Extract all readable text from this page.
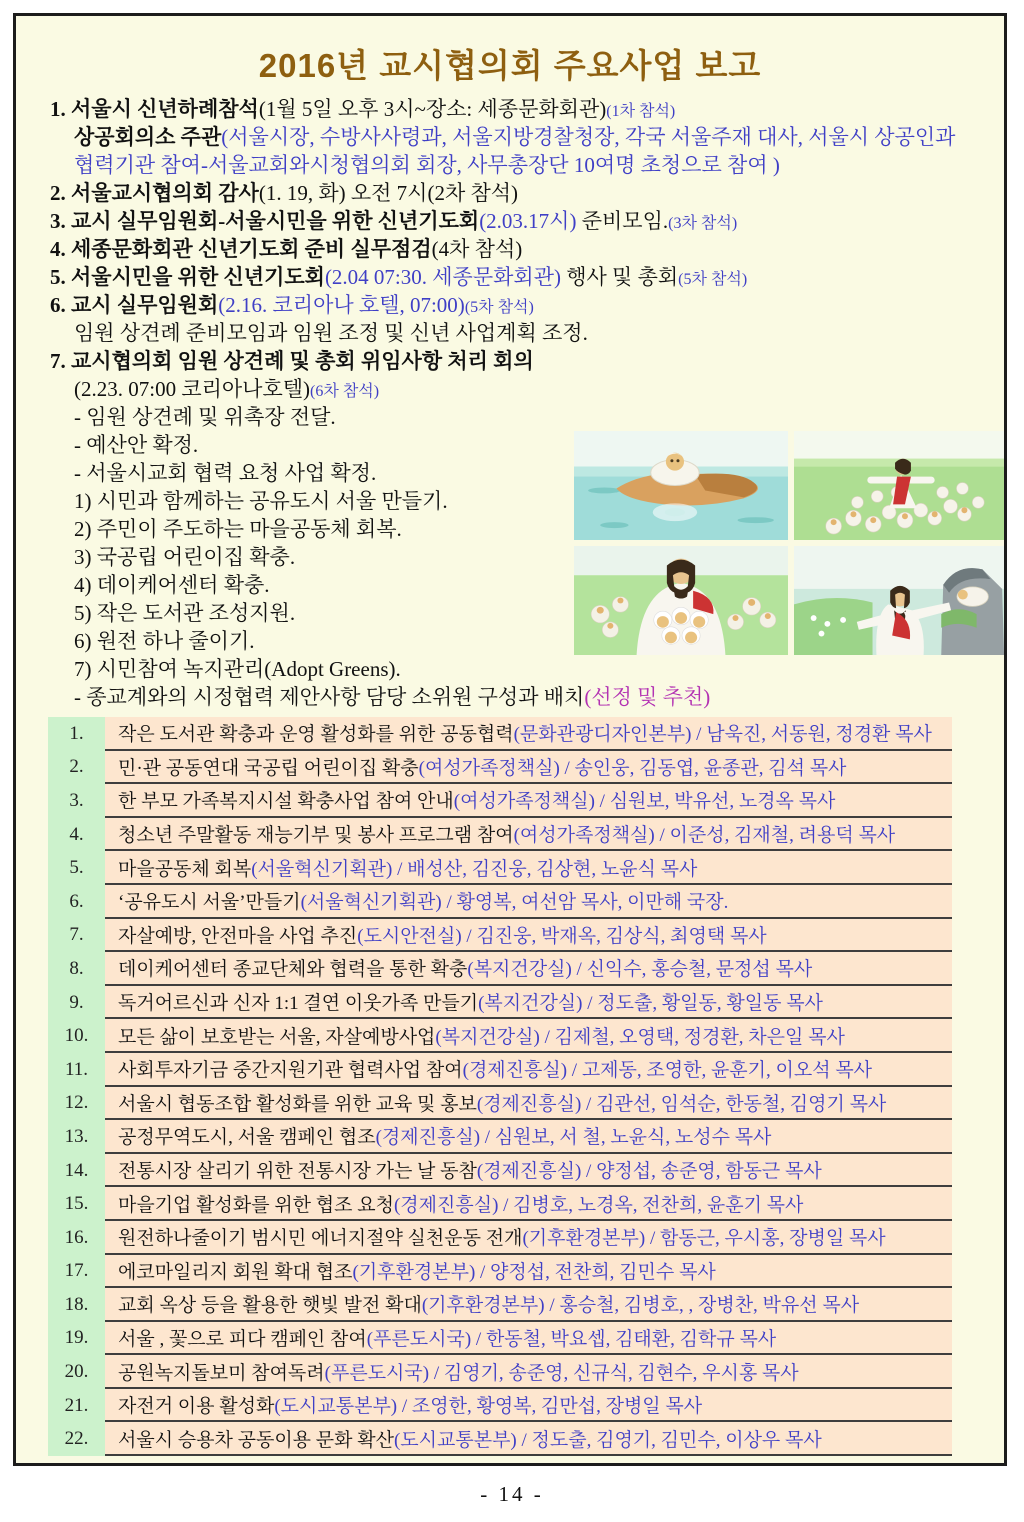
2016년 교시협의회 주요사업 보고
1. 서울시 신년하례참석(1월 5일 오후 3시~장소: 세종문화회관)(1차 참석)
상공회의소 주관(서울시장, 수방사사령과, 서울지방경찰청장, 각국 서울주재 대사, 서울시 상공인과
협력기관 참여-서울교회와시청협의회 회장, 사무총장단 10여명 초청으로 참여 )
2. 서울교시협의회 감사(1. 19, 화) 오전 7시(2차 참석)
3. 교시 실무임원회-서울시민을 위한 신년기도회(2.03.17시) 준비모임.(3차 참석)
4. 세종문화회관 신년기도회 준비 실무점검(4차 참석)
5. 서울시민을 위한 신년기도회(2.04 07:30. 세종문화회관) 행사 및 총회(5차 참석)
6. 교시 실무임원회(2.16. 코리아나 호텔, 07:00)(5차 참석)
임원 상견례 준비모임과 임원 조정 및 신년 사업계획 조정.
7. 교시협의회 임원 상견례 및 총회 위임사항 처리 회의
(2.23. 07:00 코리아나호텔)(6차 참석)
- 임원 상견례 및 위촉장 전달.
- 예산안 확정.
- 서울시교회 협력 요청 사업 확정.
1) 시민과 함께하는 공유도시 서울 만들기.
2) 주민이 주도하는 마을공동체 회복.
3) 국공립 어린이집 확충.
4) 데이케어센터 확충.
5) 작은 도서관 조성지원.
6) 원전 하나 줄이기.
7) 시민참여 녹지관리(Adopt Greens).
- 종교계와의 시정협력 제안사항 담당 소위원 구성과 배치(선정 및 추천)
1.	작은 도서관 확충과 운영 활성화를 위한 공동협력 (문화관광디자인본부) / 남욱진, 서동원, 정경환 목사
2.	민·관 공동연대 국공립 어린이집 확충 (여성가족정책실) / 송인웅, 김동엽, 윤종관, 김석 목사
3.	한 부모 가족복지시설 확충사업 참여 안내 (여성가족정책실) / 심원보, 박유선, 노경옥 목사
4.	청소년 주말활동 재능기부 및 봉사 프로그램 참여 (여성가족정책실) / 이준성, 김재철, 려용덕 목사
5.	마을공동체 회복 (서울혁신기획관) / 배성산, 김진웅, 김상현, 노윤식 목사
6.	‘공유도시 서울’만들기 (서울혁신기획관) / 황영복, 여선암 목사, 이만해 국장.
7.	자살예방, 안전마을 사업 추진 (도시안전실) / 김진웅, 박재옥, 김상식, 최영택 목사
8.	데이케어센터 종교단체와 협력을 통한 확충 (복지건강실) / 신익수, 홍승철, 문정섭 목사
9.	독거어르신과 신자 1:1 결연 이웃가족 만들기 (복지건강실) / 정도출, 황일동, 황일동 목사
10.	모든 삶이 보호받는 서울, 자살예방사업 (복지건강실) / 김제철, 오영택, 정경환, 차은일 목사
11.	사회투자기금 중간지원기관 협력사업 참여 (경제진흥실) / 고제동, 조영한, 윤훈기, 이오석 목사
12.	서울시 협동조합 활성화를 위한 교육 및 홍보 (경제진흥실) / 김관선, 임석순, 한동철, 김영기 목사
13.	공정무역도시, 서울 캠페인 협조 (경제진흥실) / 심원보, 서 철, 노윤식, 노성수 목사
14.	전통시장 살리기 위한 전통시장 가는 날 동참 (경제진흥실) / 양정섭, 송준영, 함동근 목사
15.	마을기업 활성화를 위한 협조 요청 (경제진흥실) / 김병호, 노경옥, 전찬희, 윤훈기 목사
16.	원전하나줄이기 범시민 에너지절약 실천운동 전개 (기후환경본부) / 함동근, 우시홍, 장병일 목사
17.	에코마일리지 회원 확대 협조 (기후환경본부) / 양정섭, 전찬희, 김민수 목사
18.	교회 옥상 등을 활용한 햇빛 발전 확대 (기후환경본부) / 홍승철, 김병호, , 장병찬, 박유선 목사
19.	서울 , 꽃으로 피다 캠페인 참여 (푸른도시국) / 한동철, 박요셉, 김태환, 김학규 목사
20.	공원녹지돌보미 참여독려 (푸른도시국) / 김영기, 송준영, 신규식, 김현수, 우시홍 목사
21.	자전거 이용 활성화 (도시교통본부) / 조영한, 황영복, 김만섭, 장병일 목사
22.	서울시 승용차 공동이용 문화 확산 (도시교통본부) / 정도출, 김영기, 김민수, 이상우 목사
- 14 -
